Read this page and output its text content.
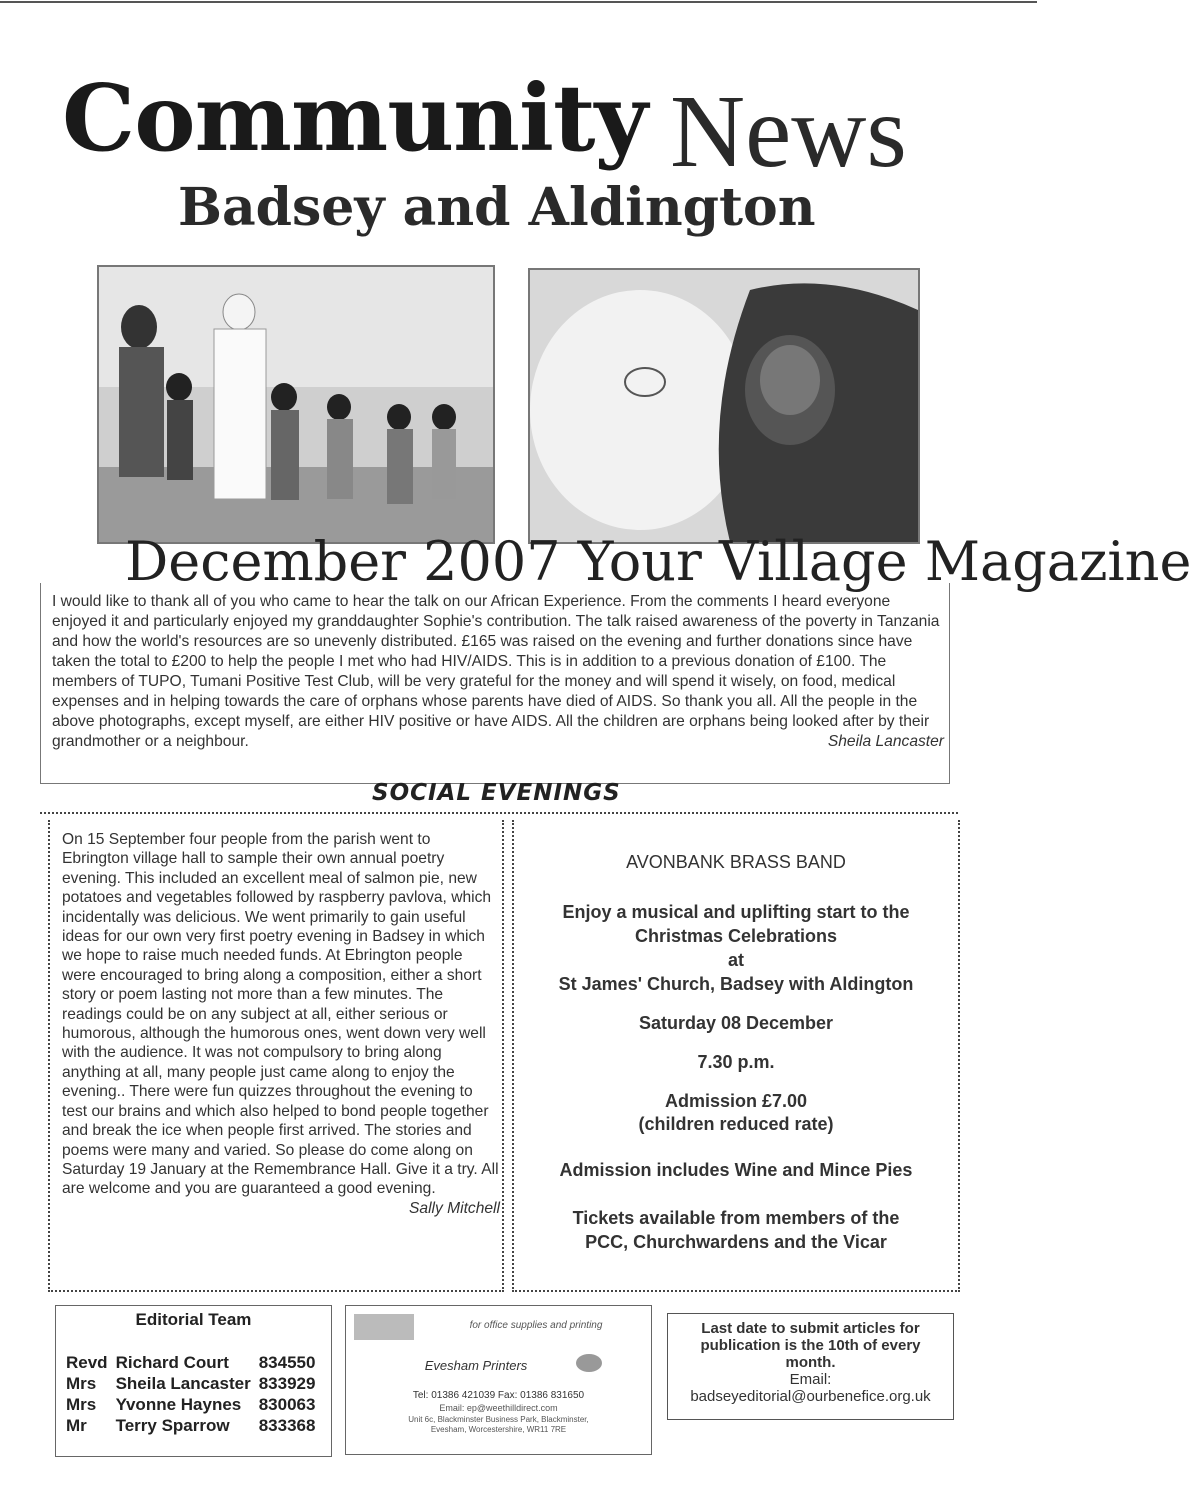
Community News
Badsey and Aldington
December 2007 Your Village Magazine
I would like to thank all of you who came to hear the talk on our African Experience. From the comments I heard everyone enjoyed it and particularly enjoyed my granddaughter Sophie's contribution. The talk raised awareness of the poverty in Tanzania and how the world's resources are so unevenly distributed. £165 was raised on the evening and further donations since have taken the total to £200 to help the people I met who had HIV/AIDS. This is in addition to a previous donation of £100. The members of TUPO, Tumani Positive Test Club, will be very grateful for the money and will spend it wisely, on food, medical expenses and in helping towards the care of orphans whose parents have died of AIDS. So thank you all. All the people in the above photographs, except myself, are either HIV positive or have AIDS. All the children are orphans being looked after by their grandmother or a neighbour.	Sheila Lancaster
SOCIAL EVENINGS
On 15 September four people from the parish went to Ebrington village hall to sample their own annual poetry evening. This included an excellent meal of salmon pie, new potatoes and vegetables followed by raspberry pavlova, which incidentally was delicious. We went primarily to gain useful ideas for our own very first poetry evening in Badsey in which we hope to raise much needed funds. At Ebrington people were encouraged to bring along a composition, either a short story or poem lasting not more than a few minutes. The readings could be on any subject at all, either serious or humorous, although the humorous ones, went down very well with the audience. It was not compulsory to bring along anything at all, many people just came along to enjoy the evening.. There were fun quizzes throughout the evening to test our brains and which also helped to bond people together and break the ice when people first arrived. The stories and poems were many and varied. So please do come along on Saturday 19 January at the Remembrance Hall. Give it a try. All are welcome and you are guaranteed a good evening.
Sally Mitchell
AVONBANK BRASS BAND
Enjoy a musical and uplifting start to the
Christmas Celebrations
at
St James' Church, Badsey with Aldington
Saturday 08 December
7.30 p.m.
Admission £7.00
(children reduced rate)
Admission includes Wine and Mince Pies
Tickets available from members of the
PCC, Churchwardens and the Vicar
Editorial Team
Revd	Richard Court	834550
Mrs	Sheila Lancaster	833929
Mrs	Yvonne Haynes	830063
Mr	Terry Sparrow	833368
for office supplies and printing
Evesham Printers
Tel: 01386 421039 Fax: 01386 831650
Email: ep@weethilldirect.com
Unit 6c, Blackminster Business Park, Blackminster,
Evesham, Worcestershire, WR11 7RE
Last date to submit articles for
publication is the 10th of every
month.
Email:
badseyeditorial@ourbenefice.org.uk
